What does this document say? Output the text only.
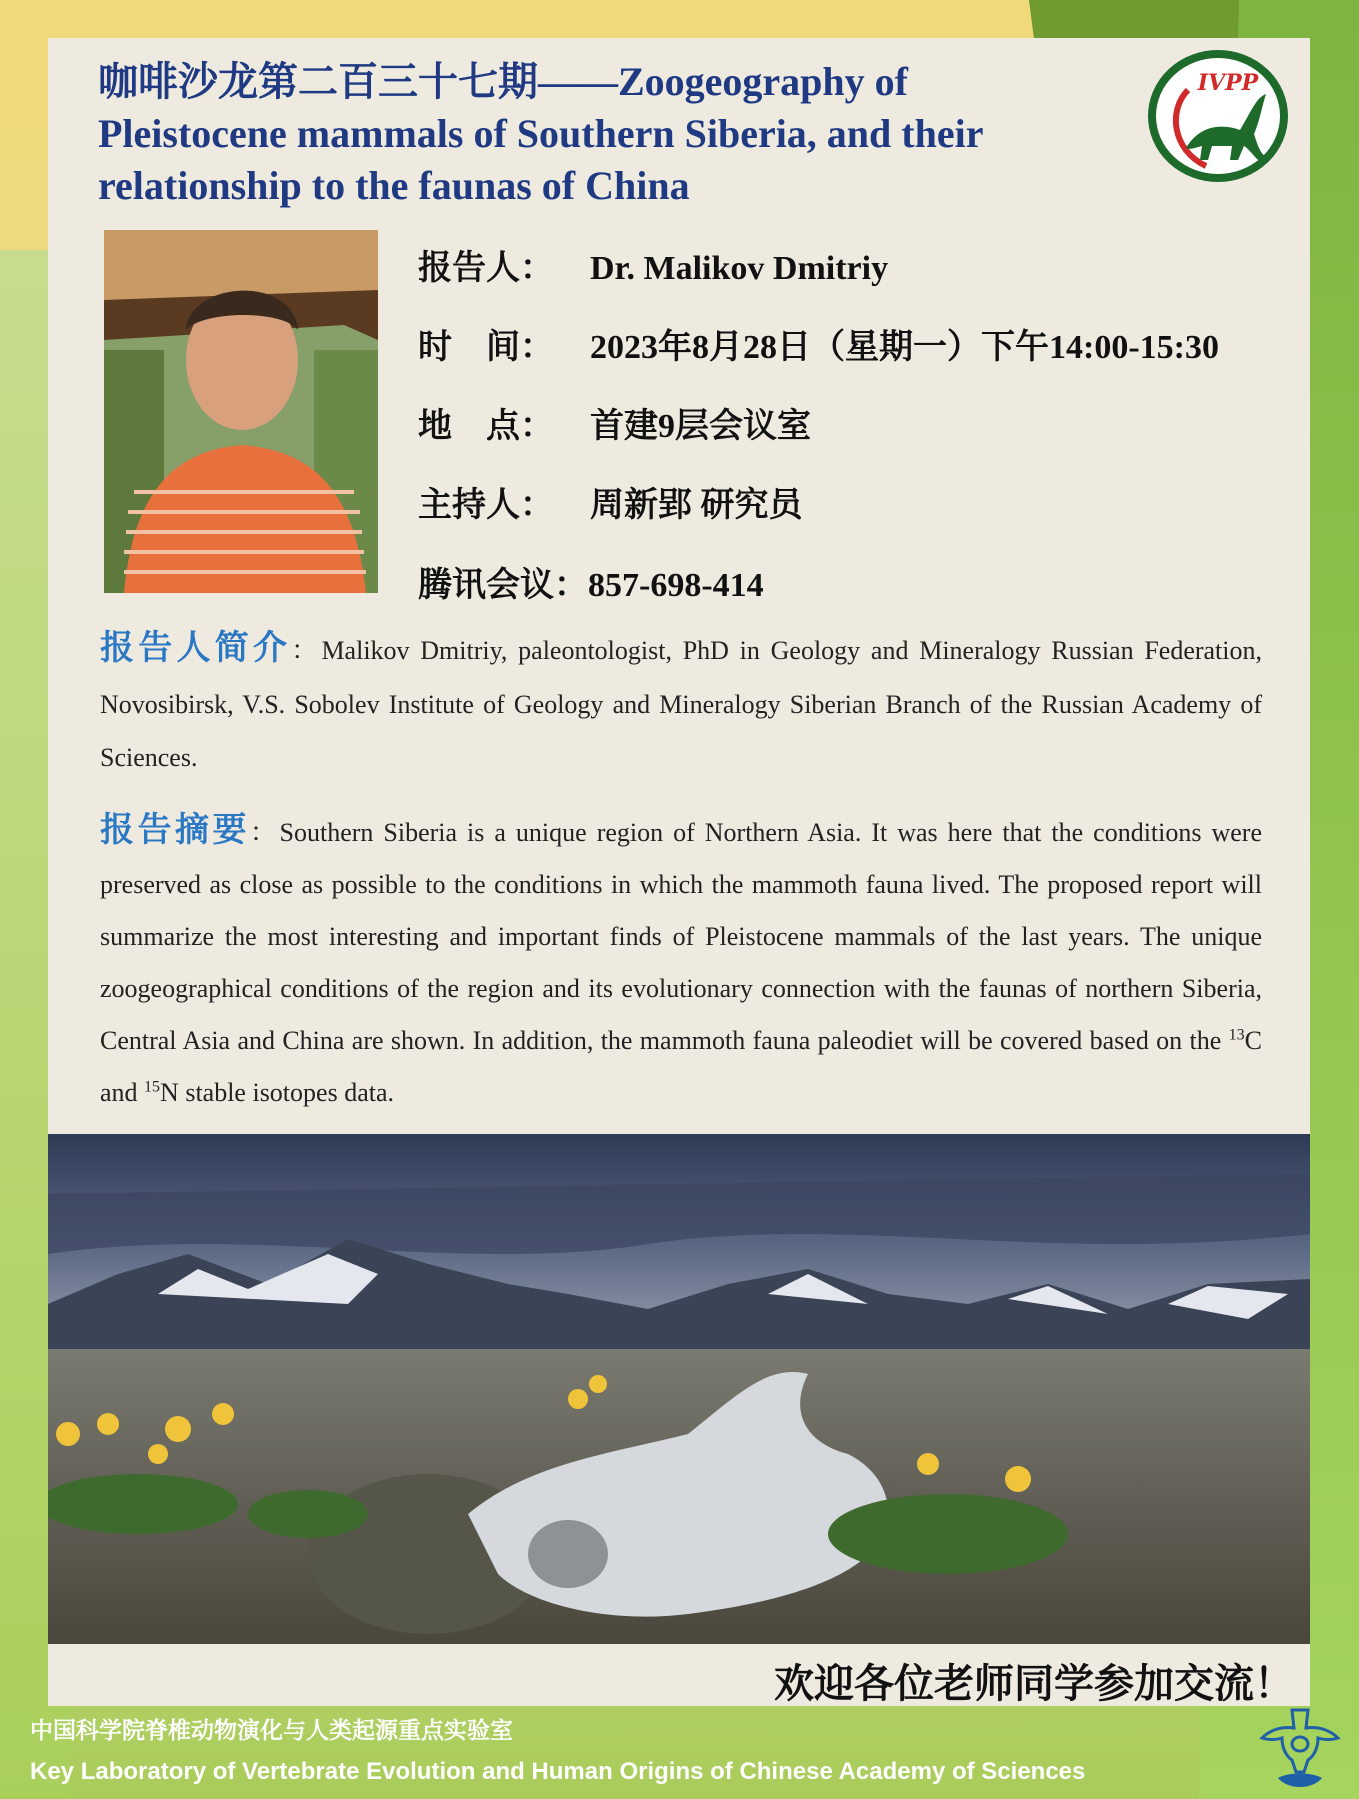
咖啡沙龙第二百三十七期——Zoogeography of Pleistocene mammals of Southern Siberia, and their relationship to the faunas of China
IVPP
报告人： Dr. Malikov Dmitriy
时　间： 2023年8月28日（星期一）下午14:00-15:30
地　点： 首建9层会议室
主持人： 周新郢 研究员
腾讯会议：857-698-414

报告人简介：Malikov Dmitriy, paleontologist, PhD in Geology and Mineralogy Russian Federation, Novosibirsk, V.S. Sobolev Institute of Geology and Mineralogy Siberian Branch of the Russian Academy of Sciences.

报告摘要：Southern Siberia is a unique region of Northern Asia. It was here that the conditions were preserved as close as possible to the conditions in which the mammoth fauna lived. The proposed report will summarize the most interesting and important finds of Pleistocene mammals of the last years. The unique zoogeographical conditions of the region and its evolutionary connection with the faunas of northern Siberia, Central Asia and China are shown. In addition, the mammoth fauna paleodiet will be covered based on the $^{13}$C and $^{15}$N stable isotopes data.

欢迎各位老师同学参加交流！
中国科学院脊椎动物演化与人类起源重点实验室
Key Laboratory of Vertebrate Evolution and Human Origins of Chinese Academy of Sciences
